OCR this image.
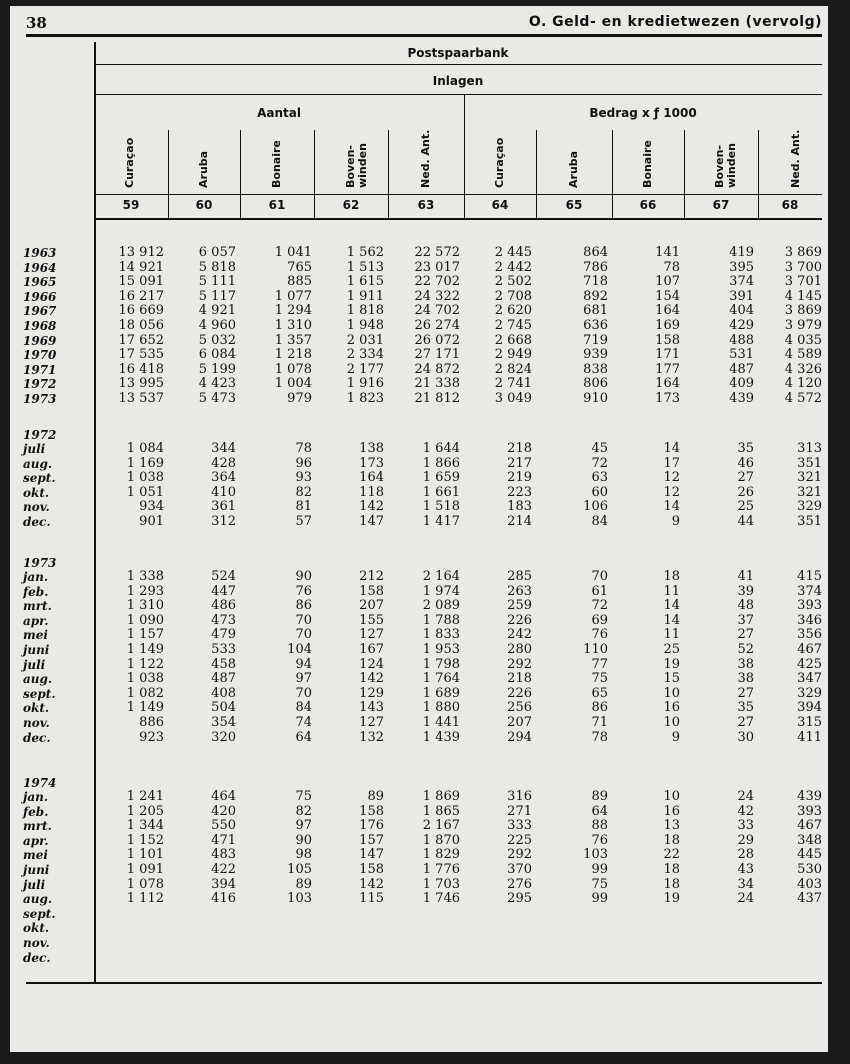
38	O. Geld- en kredietwezen (vervolg)
Postspaarbank
Inlagen
Aantal	Bedrag x ƒ 1000
Curaçao	Aruba	Bonaire	Boven-winden	Ned. Ant.	Curaçao	Aruba	Bonaire	Boven-winden	Ned. Ant.
59	60	61	62	63	64	65	66	67	68
1963	13 912	6 057	1 041	1 562	22 572	2 445	864	141	419	3 869
1964	14 921	5 818	765	1 513	23 017	2 442	786	78	395	3 700
1965	15 091	5 111	885	1 615	22 702	2 502	718	107	374	3 701
1966	16 217	5 117	1 077	1 911	24 322	2 708	892	154	391	4 145
1967	16 669	4 921	1 294	1 818	24 702	2 620	681	164	404	3 869
1968	18 056	4 960	1 310	1 948	26 274	2 745	636	169	429	3 979
1969	17 652	5 032	1 357	2 031	26 072	2 668	719	158	488	4 035
1970	17 535	6 084	1 218	2 334	27 171	2 949	939	171	531	4 589
1971	16 418	5 199	1 078	2 177	24 872	2 824	838	177	487	4 326
1972	13 995	4 423	1 004	1 916	21 338	2 741	806	164	409	4 120
1973	13 537	5 473	979	1 823	21 812	3 049	910	173	439	4 572
1972
juli	1 084	344	78	138	1 644	218	45	14	35	313
aug.	1 169	428	96	173	1 866	217	72	17	46	351
sept.	1 038	364	93	164	1 659	219	63	12	27	321
okt.	1 051	410	82	118	1 661	223	60	12	26	321
nov.	934	361	81	142	1 518	183	106	14	25	329
dec.	901	312	57	147	1 417	214	84	9	44	351
1973
jan.	1 338	524	90	212	2 164	285	70	18	41	415
feb.	1 293	447	76	158	1 974	263	61	11	39	374
mrt.	1 310	486	86	207	2 089	259	72	14	48	393
apr.	1 090	473	70	155	1 788	226	69	14	37	346
mei	1 157	479	70	127	1 833	242	76	11	27	356
juni	1 149	533	104	167	1 953	280	110	25	52	467
juli	1 122	458	94	124	1 798	292	77	19	38	425
aug.	1 038	487	97	142	1 764	218	75	15	38	347
sept.	1 082	408	70	129	1 689	226	65	10	27	329
okt.	1 149	504	84	143	1 880	256	86	16	35	394
nov.	886	354	74	127	1 441	207	71	10	27	315
dec.	923	320	64	132	1 439	294	78	9	30	411
1974
jan.	1 241	464	75	89	1 869	316	89	10	24	439
feb.	1 205	420	82	158	1 865	271	64	16	42	393
mrt.	1 344	550	97	176	2 167	333	88	13	33	467
apr.	1 152	471	90	157	1 870	225	76	18	29	348
mei	1 101	483	98	147	1 829	292	103	22	28	445
juni	1 091	422	105	158	1 776	370	99	18	43	530
juli	1 078	394	89	142	1 703	276	75	18	34	403
aug.	1 112	416	103	115	1 746	295	99	19	24	437
sept.
okt.
nov.
dec.
